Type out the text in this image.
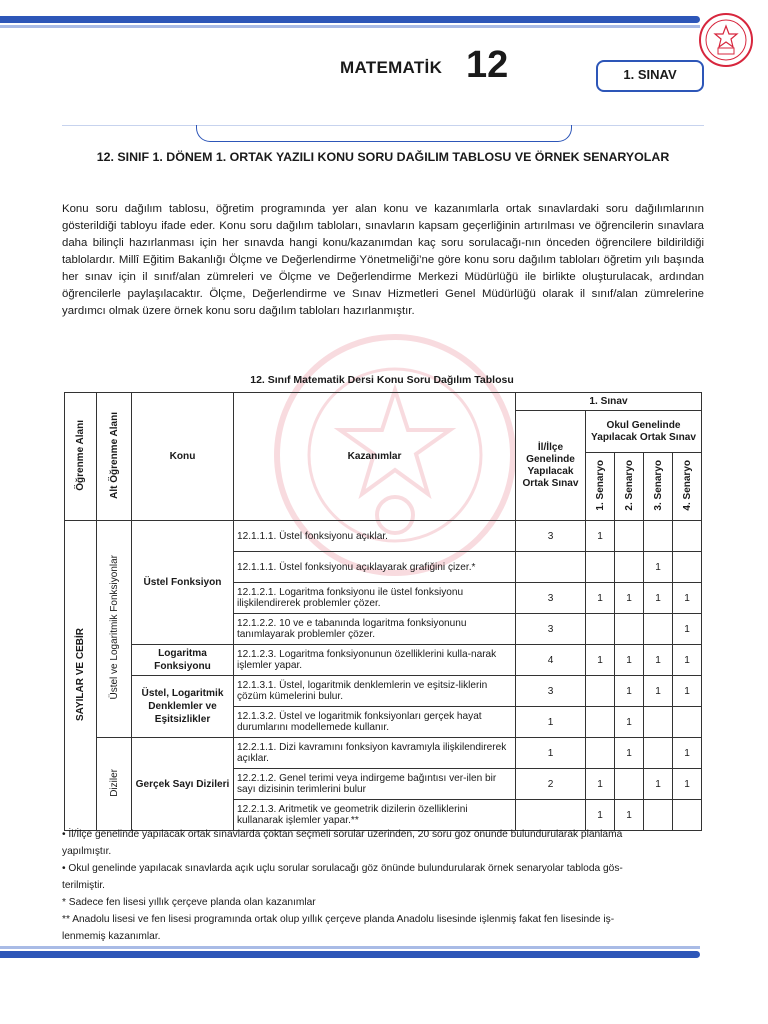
MATEMATİK 12	1. SINAV
12. SINIF 1. DÖNEM 1. ORTAK YAZILI KONU SORU DAĞILIM TABLOSU VE ÖRNEK SENARYOLAR
Konu soru dağılım tablosu, öğretim programında yer alan konu ve kazanımlarla ortak sınavlardaki soru dağılımlarının gösterildiği tabloyu ifade eder. Konu soru dağılım tabloları, sınavların kapsam geçerliğinin artırılması ve öğrencilerin sınavlara daha bilinçli hazırlanması için her sınavda hangi konu/kazanımdan kaç soru sorulacağı-nın önceden öğrencilere bildirildiği tablolardır. Millî Eğitim Bakanlığı Ölçme ve Değerlendirme Yönetmeliği’ne göre konu soru dağılım tabloları öğretim yılı başında her sınav için il sınıf/alan zümreleri ve Ölçme ve Değerlendirme Merkezi Müdürlüğü ile birlikte oluşturulacak, ardından öğrencilerle paylaşılacaktır. Ölçme, Değerlendirme ve Sınav Hizmetleri Genel Müdürlüğü olarak il sınıf/alan zümrelerine yardımcı olmak üzere örnek konu soru dağılım tabloları hazırlanmıştır.
12. Sınıf Matematik Dersi Konu Soru Dağılım Tablosu
Öğrenme Alanı	Alt Öğrenme Alanı	Konu	Kazanımlar	1. Sınav				
				İl/İlçe Genelinde Yapılacak Ortak Sınav	Okul Genelinde Yapılacak Ortak Sınav			
					1. Senaryo	2. Senaryo	3. Senaryo	4. Senaryo
SAYILAR VE CEBİR	Üstel ve Logaritmik Fonksiyonlar	Üstel Fonksiyon	12.1.1.1. Üstel fonksiyonu açıklar.	3	1			
			12.1.1.1. Üstel fonksiyonu açıklayarak grafiğini çizer.*				1	
			12.1.2.1. Logaritma fonksiyonu ile üstel fonksiyonu ilişkilendirerek problemler çözer.	3	1	1	1	1
			12.1.2.2. 10 ve e tabanında logaritma fonksiyonunu tanımlayarak problemler çözer.	3				1
		Logaritma Fonksiyonu	12.1.2.3. Logaritma fonksiyonunun özelliklerini kulla-narak işlemler yapar.	4	1	1	1	1
		Üstel, Logaritmik Denklemler ve Eşitsizlikler	12.1.3.1. Üstel, logaritmik denklemlerin ve eşitsiz-liklerin çözüm kümelerini bulur.	3		1	1	1
			12.1.3.2. Üstel ve logaritmik fonksiyonları gerçek hayat durumlarını modellemede kullanır.	1		1		
	Diziler	Gerçek Sayı Dizileri	12.2.1.1. Dizi kavramını fonksiyon kavramıyla ilişkilendirerek açıklar.	1		1		1
			12.2.1.2. Genel terimi veya indirgeme bağıntısı ver-ilen bir sayı dizisinin terimlerini bulur	2	1		1	1
			12.2.1.3. Aritmetik ve geometrik dizilerin özelliklerini kullanarak işlemler yapar.**		1	1		
• İl/İlçe genelinde yapılacak ortak sınavlarda çoktan seçmeli sorular üzerinden, 20 soru göz önünde bulundurularak planlama
yapılmıştır.
• Okul genelinde yapılacak sınavlarda açık uçlu sorular sorulacağı göz önünde bulundurularak örnek senaryolar tabloda gös-
terilmiştir.
* Sadece fen lisesi yıllık çerçeve planda olan kazanımlar
** Anadolu lisesi ve fen lisesi programında ortak olup yıllık çerçeve planda Anadolu lisesinde işlenmiş fakat fen lisesinde iş-
lenmemiş kazanımlar.
